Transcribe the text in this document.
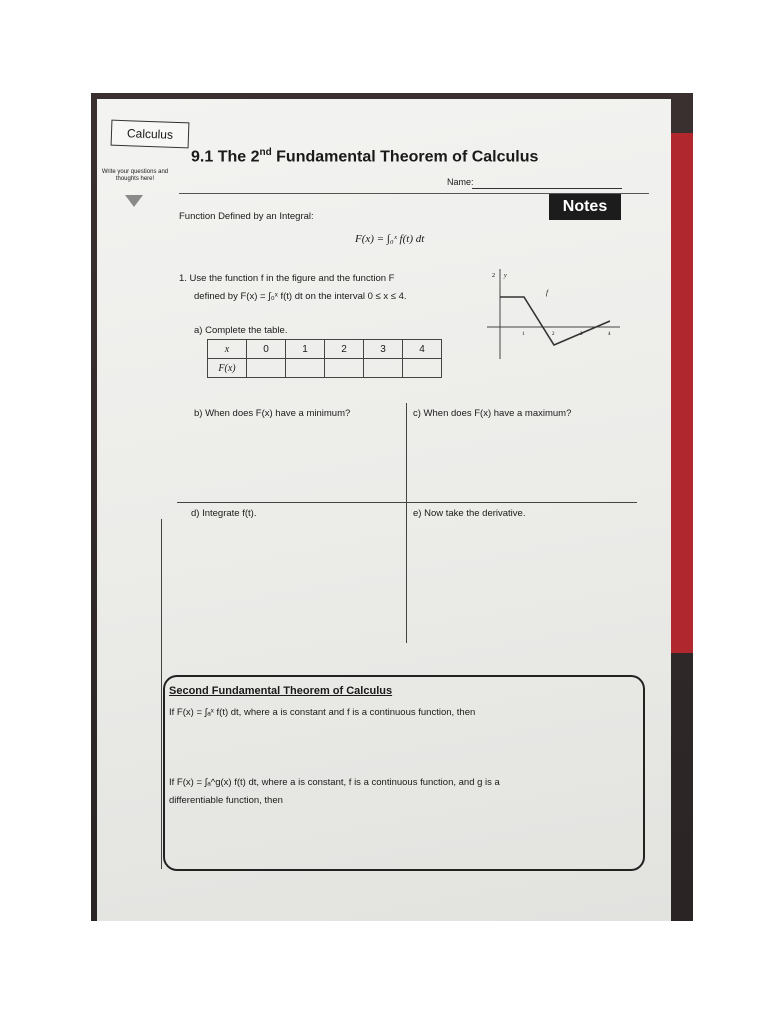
Calculus
Write your questions and thoughts here!
9.1 The 2nd Fundamental Theorem of Calculus
Name:
Notes
Function Defined by an Integral:
F(x) = ∫₀ˣ f(t) dt
1. Use the function f in the figure and the function F
defined by F(x) = ∫₀ˣ f(t) dt on the interval 0 ≤ x ≤ 4.
y
2
f
1	2	3	4
a) Complete the table.
x	0	1	2	3	4
F(x)					
b) When does F(x) have a minimum?	c) When does F(x) have a maximum?
d) Integrate f(t).	e) Now take the derivative.
Second Fundamental Theorem of Calculus
If F(x) = ∫ₐˣ f(t) dt, where a is constant and f is a continuous function, then
If F(x) = ∫ₐ^g(x) f(t) dt, where a is constant, f is a continuous function, and g is a
differentiable function, then
